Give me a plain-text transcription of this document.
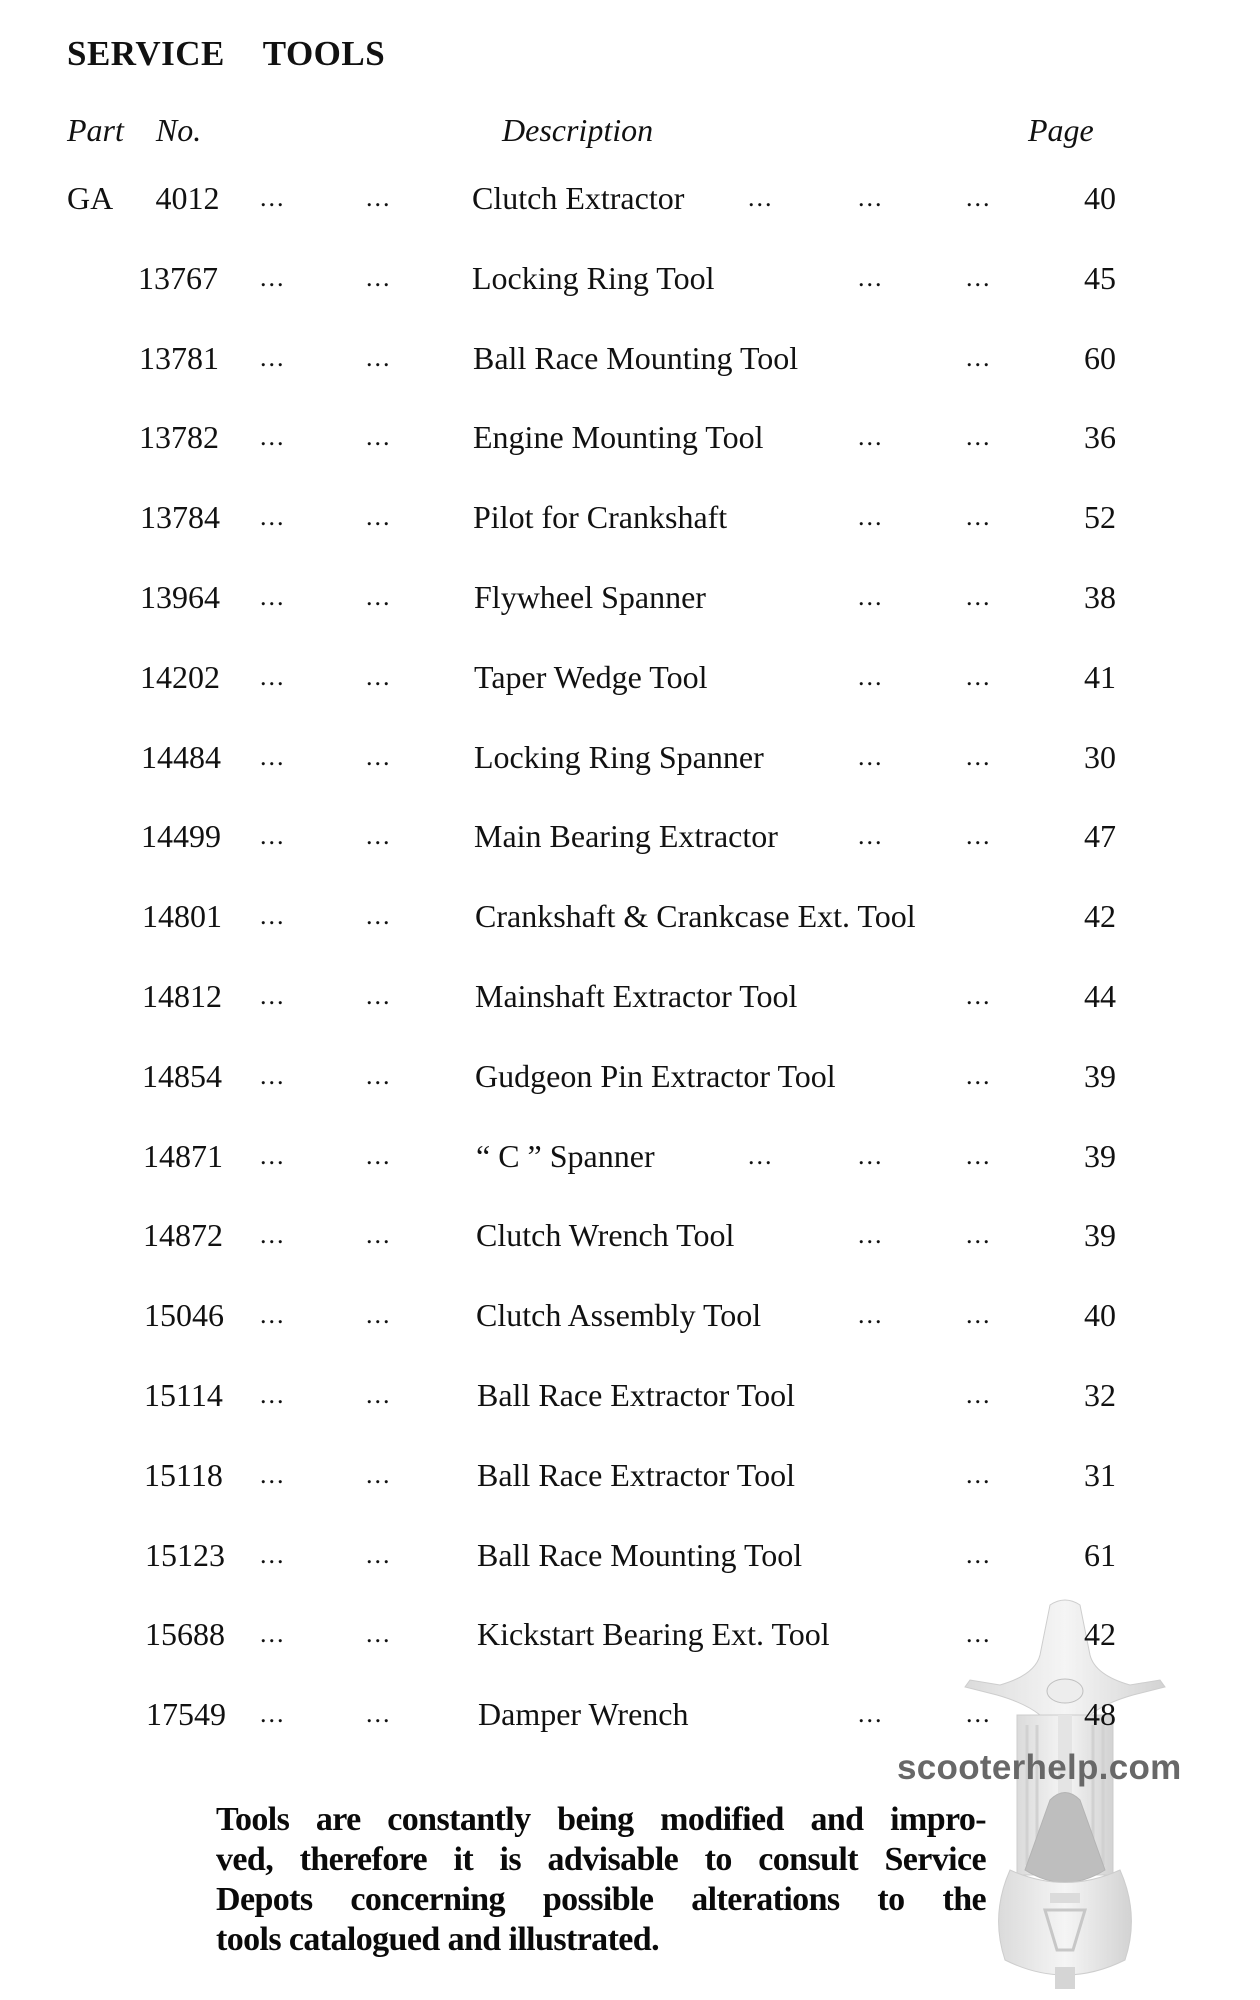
SERVICE  TOOLS
Part  No.	Description	Page
scooterhelp.com
GA  4012 ...	...	Clutch Extractor ...	...	...	40
13767 ...	...	Locking Ring Tool	...	...	45
13781 ...	...	Ball Race Mounting Tool	...	60
13782 ...	...	Engine Mounting Tool	...	...	36
13784 ...	...	Pilot for Crankshaft	...	...	52
13964 ...	...	Flywheel Spanner	...	...	38
14202 ...	...	Taper Wedge Tool	...	...	41
14484 ...	...	Locking Ring Spanner	...	...	30
14499 ...	...	Main Bearing Extractor	...	...	47
14801 ...	...	Crankshaft & Crankcase Ext. Tool	42
14812 ...	...	Mainshaft Extractor Tool	...	44
14854 ...	...	Gudgeon Pin Extractor Tool	...	39
14871 ...	...	“ C ” Spanner	...	...	...	39
14872 ...	...	Clutch Wrench Tool	...	...	39
15046 ...	...	Clutch Assembly Tool	...	...	40
15114 ...	...	Ball Race Extractor Tool	...	32
15118 ...	...	Ball Race Extractor Tool	...	31
15123 ...	...	Ball Race Mounting Tool	...	61
15688 ...	...	Kickstart Bearing Ext. Tool	...	42
17549 ...	...	Damper Wrench	...	...	48
Tools are constantly being modified and impro-
ved, therefore it is advisable to consult Service
Depots concerning possible alterations to the
tools catalogued and illustrated.
